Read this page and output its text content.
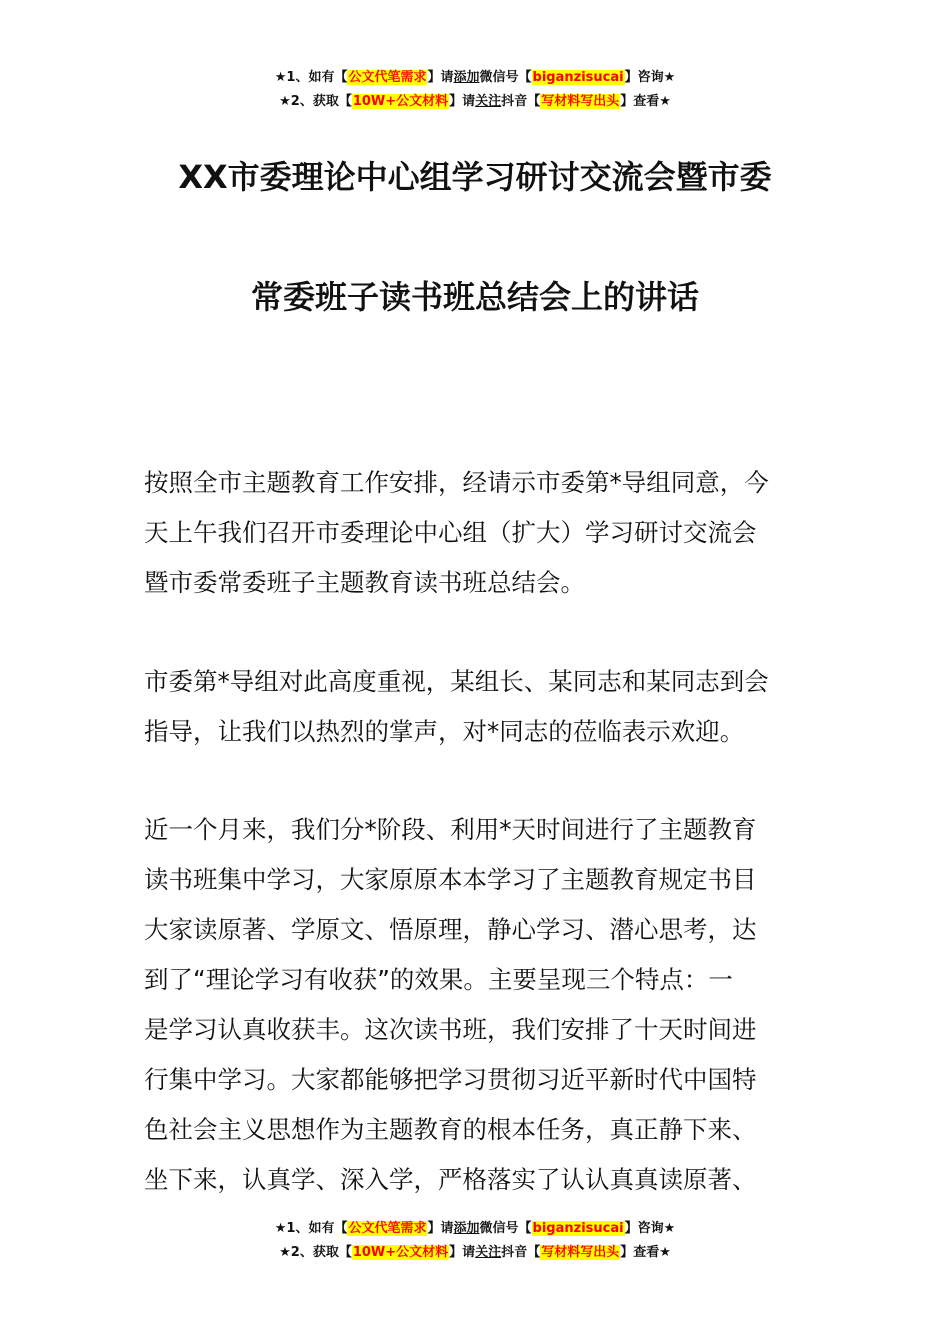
★1、如有【公文代笔需求】请添加微信号【biganzisucai】咨询★
★2、获取【10W+公文材料】请关注抖音【写材料写出头】查看★
XX市委理论中心组学习研讨交流会暨市委
常委班子读书班总结会上的讲话
按照全市主题教育工作安排，经请示市委第*导组同意，今
天上午我们召开市委理论中心组（扩大）学习研讨交流会
暨市委常委班子主题教育读书班总结会。
市委第*导组对此高度重视，某组长、某同志和某同志到会
指导，让我们以热烈的掌声，对*同志的莅临表示欢迎。
近一个月来，我们分*阶段、利用*天时间进行了主题教育
读书班集中学习，大家原原本本学习了主题教育规定书目
大家读原著、学原文、悟原理，静心学习、潜心思考，达
到了“理论学习有收获”的效果。主要呈现三个特点：一
是学习认真收获丰。这次读书班，我们安排了十天时间进
行集中学习。大家都能够把学习贯彻习近平新时代中国特
色社会主义思想作为主题教育的根本任务，真正静下来、
坐下来，认真学、深入学，严格落实了认认真真读原著、
★1、如有【公文代笔需求】请添加微信号【biganzisucai】咨询★
★2、获取【10W+公文材料】请关注抖音【写材料写出头】查看★
